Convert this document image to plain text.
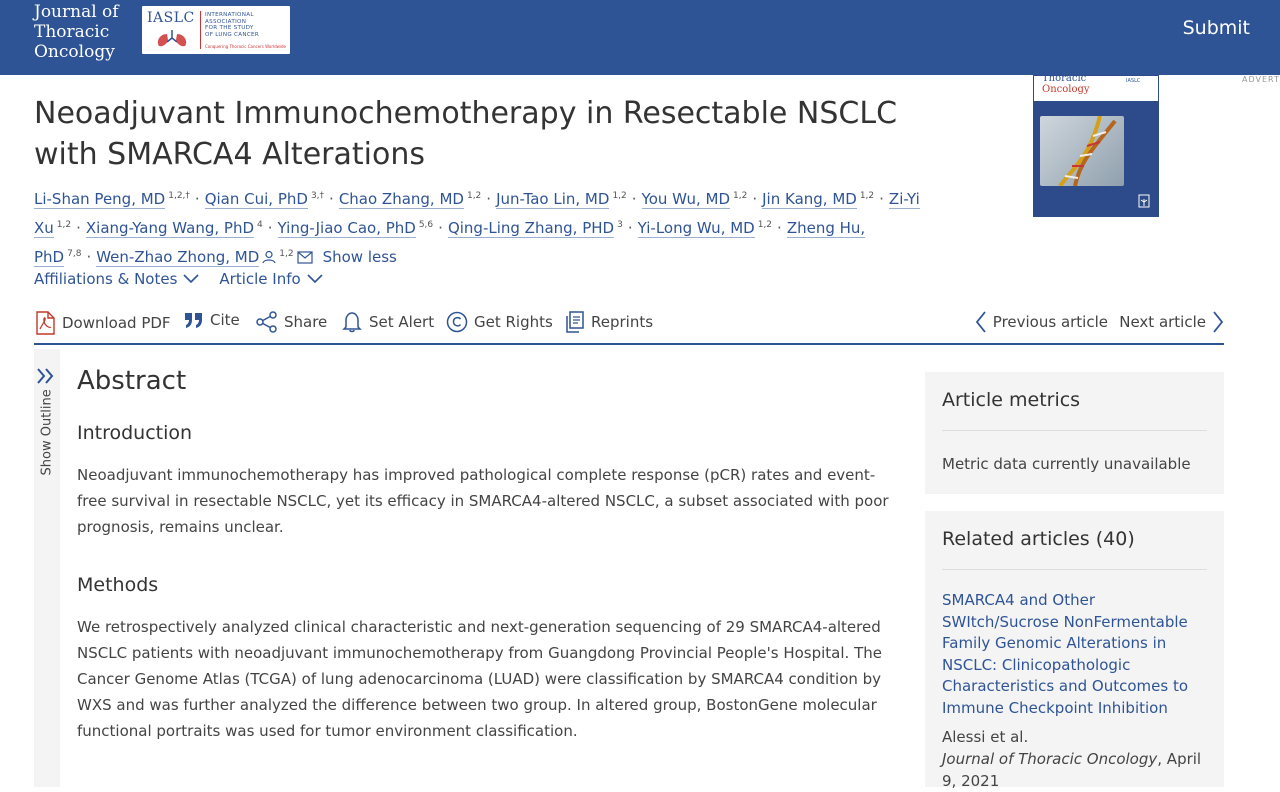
Journal of
Thoracic
Oncology
IASLC INTERNATIONAL
ASSOCIATION
FOR THE STUDY
OF LUNG CANCER
Conquering Thoracic Cancers Worldwide
Submit
Thoracic
Oncology
IASLC	ADVERT
Neoadjuvant Immunochemotherapy in Resectable NSCLC with SMARCA4 Alterations
Li-Shan Peng, MD $^{1,2,\dagger}$ · Qian Cui, PhD $^{3,\dagger}$ · Chao Zhang, MD $^{1,2}$ · Jun-Tao Lin, MD $^{1,2}$ · You Wu, MD $^{1,2}$ · Jin Kang, MD $^{1,2}$ · Zi-Yi Xu $^{1,2}$ · Xiang-Yang Wang, PhD $^4$ · Ying-Jiao Cao, PhD $^{5,6}$ · Qing-Ling Zhang, PHD $^3$ · Yi-Long Wu, MD $^{1,2}$ · Zheng Hu, PhD $^{7,8}$ · Wen-Zhao Zhong, MD $^{1,2}$ Show less
Affiliations & Notes	Article Info
Download PDF	Cite	Share	Set Alert	Get Rights	Reprints	Previous article Next article
Show Outline
Abstract
Introduction
Neoadjuvant immunochemotherapy has improved pathological complete response (pCR) rates and event-free survival in resectable NSCLC, yet its efficacy in SMARCA4-altered NSCLC, a subset associated with poor prognosis, remains unclear.
Methods
We retrospectively analyzed clinical characteristic and next-generation sequencing of 29 SMARCA4-altered NSCLC patients with neoadjuvant immunochemotherapy from Guangdong Provincial People's Hospital. The Cancer Genome Atlas (TCGA) of lung adenocarcinoma (LUAD) were classification by SMARCA4 condition by WXS and was further analyzed the difference between two group. In altered group, BostonGene molecular functional portraits was used for tumor environment classification.
Article metrics
Metric data currently unavailable
Related articles (40)
SMARCA4 and Other SWItch/Sucrose NonFermentable Family Genomic Alterations in NSCLC: Clinicopathologic Characteristics and Outcomes to Immune Checkpoint Inhibition
Alessi et al.
Journal of Thoracic Oncology, April 9, 2021
